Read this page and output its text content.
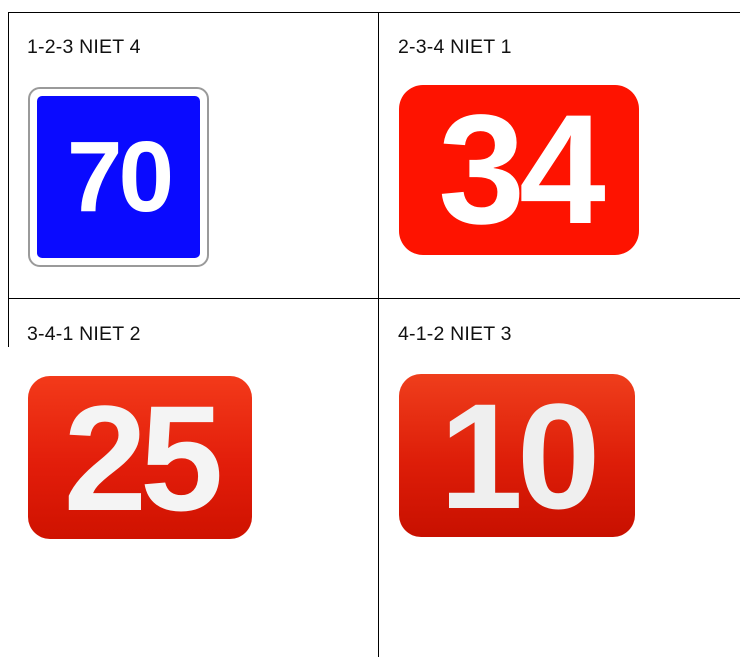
1-2-3 NIET 4	2-3-4 NIET 1
3-4-1 NIET 2	4-1-2 NIET 3
70 34
25 10
